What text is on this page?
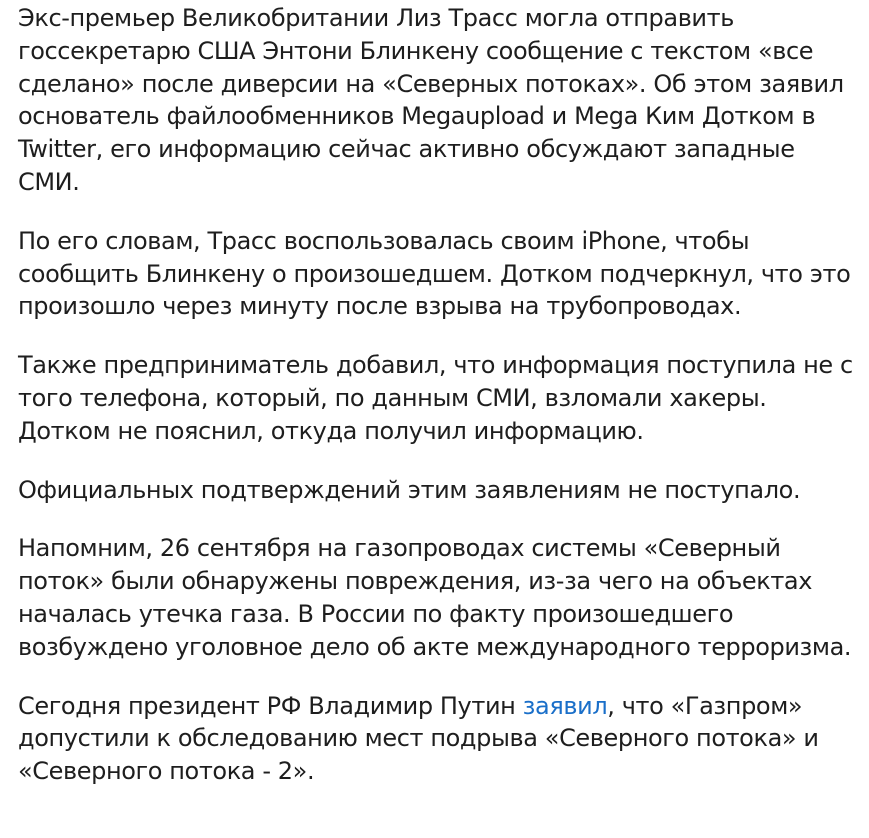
Экс-премьер Великобритании Лиз Трасс могла отправить госсекретарю США Энтони Блинкену сообщение с текстом «все сделано» после диверсии на «Северных потоках». Об этом заявил основатель файлообменников Megaupload и Mega Ким Дотком в Twitter, его информацию сейчас активно обсуждают западные СМИ.

По его словам, Трасс воспользовалась своим iPhone, чтобы сообщить Блинкену о произошедшем. Дотком подчеркнул, что это произошло через минуту после взрыва на трубопроводах.

Также предприниматель добавил, что информация поступила не с того телефона, который, по данным СМИ, взломали хакеры. Дотком не пояснил, откуда получил информацию.

Официальных подтверждений этим заявлениям не поступало.

Напомним, 26 сентября на газопроводах системы «Северный поток» были обнаружены повреждения, из-за чего на объектах началась утечка газа. В России по факту произошедшего возбуждено уголовное дело об акте международного терроризма.

Сегодня президент РФ Владимир Путин заявил, что «Газпром» допустили к обследованию мест подрыва «Северного потока» и «Северного потока - 2».
